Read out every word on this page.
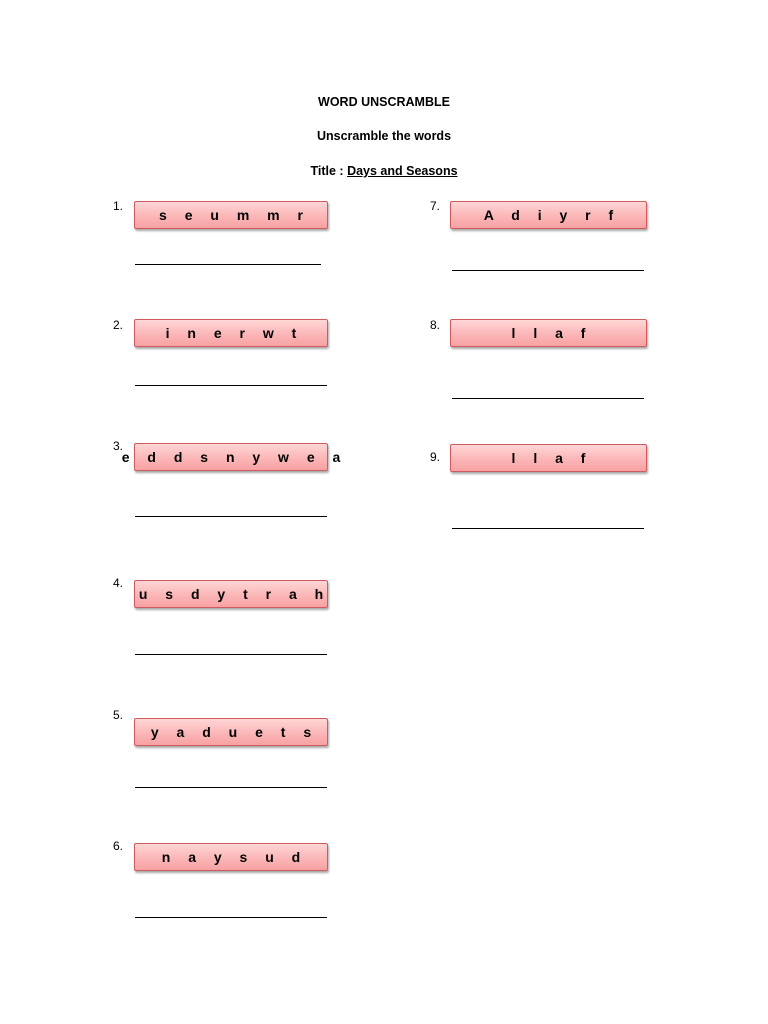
WORD UNSCRAMBLE
Unscramble the words
Title : Days and Seasons
1.
s e u m m r
2.	i n e r w t
3.
e d d s n y w e a
4.
u s d y t r a h
5.
y a d u e t s
6.
n a y s u d
7.
A d i y r f
8.	l l a f
9.	l l a f
